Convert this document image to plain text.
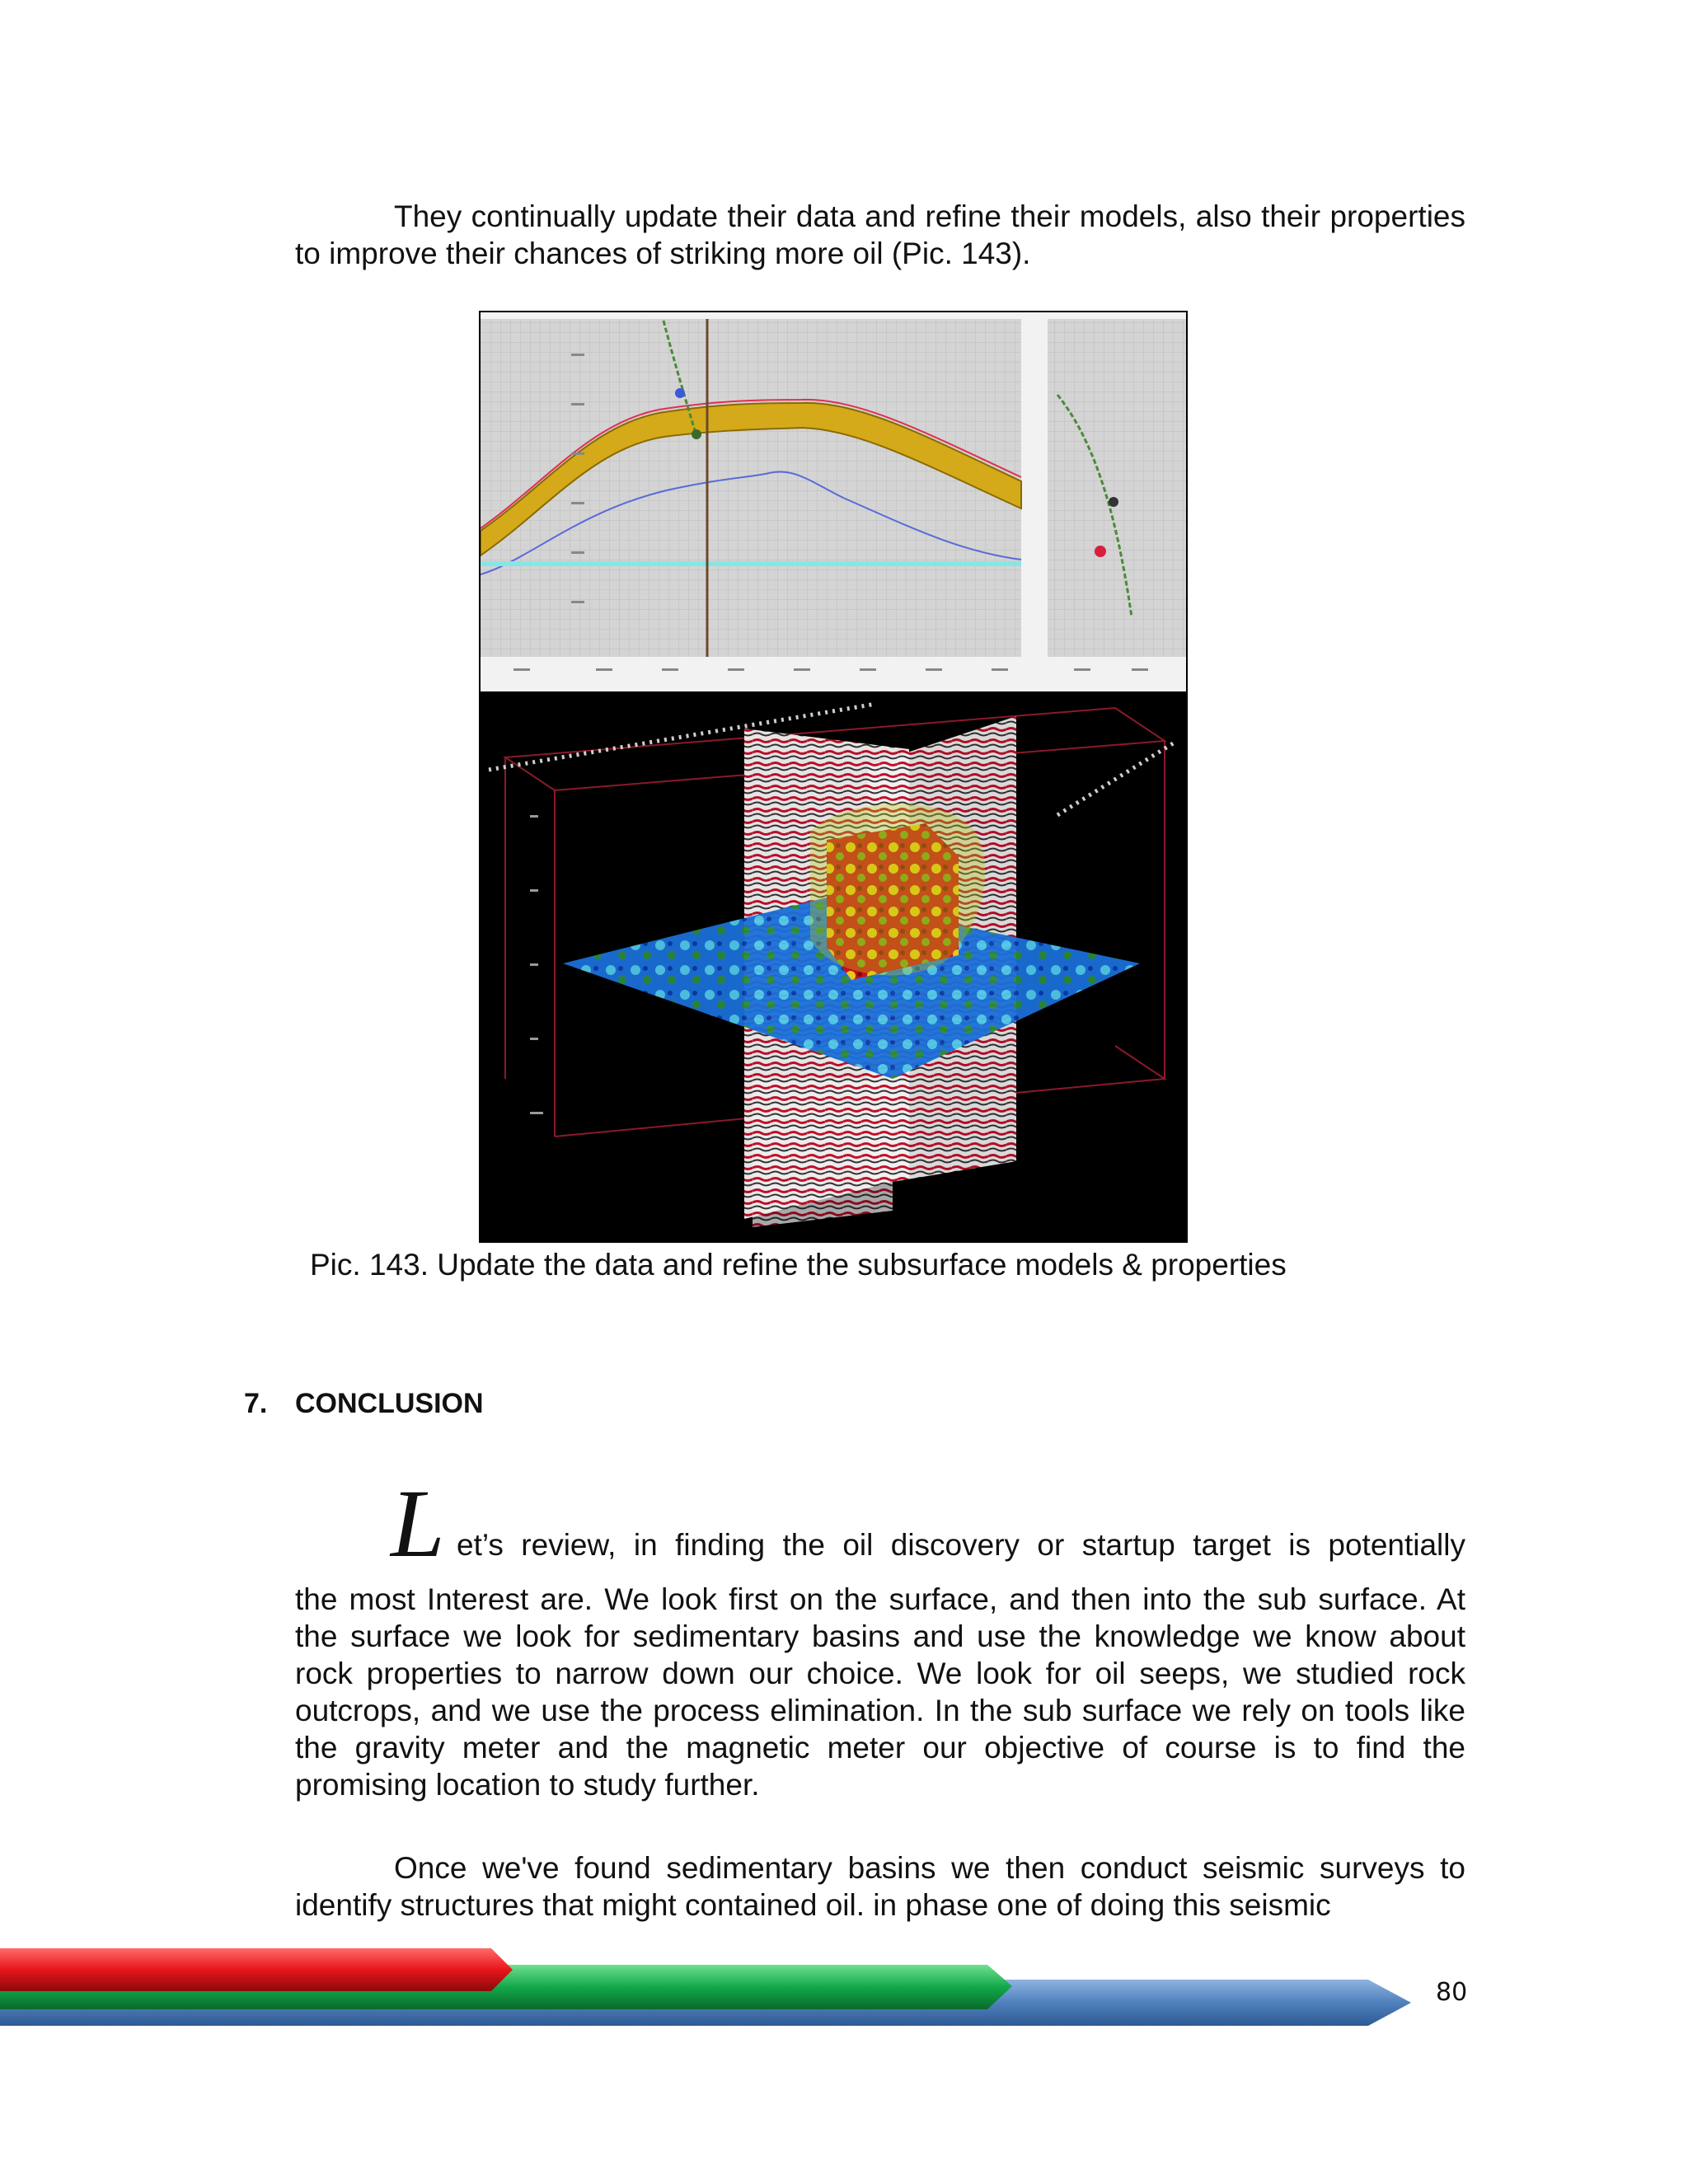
They continually update their data and refine their models, also their properties to improve their chances of striking more oil (Pic. 143).

Pic. 143. Update the data and refine the subsurface models & properties
7. CONCLUSION
L et’s review, in finding the oil discovery or startup target is potentially

the most Interest are. We look first on the surface, and then into the sub surface. At the surface we look for sedimentary basins and use the knowledge we know about rock properties to narrow down our choice. We look for oil seeps, we studied rock outcrops, and we use the process elimination. In the sub surface we rely on tools like the gravity meter and the magnetic meter our objective of course is to find the promising location to study further.

Once we've found sedimentary basins we then conduct seismic surveys to identify structures that might contained oil. in phase one of doing this seismic

80
